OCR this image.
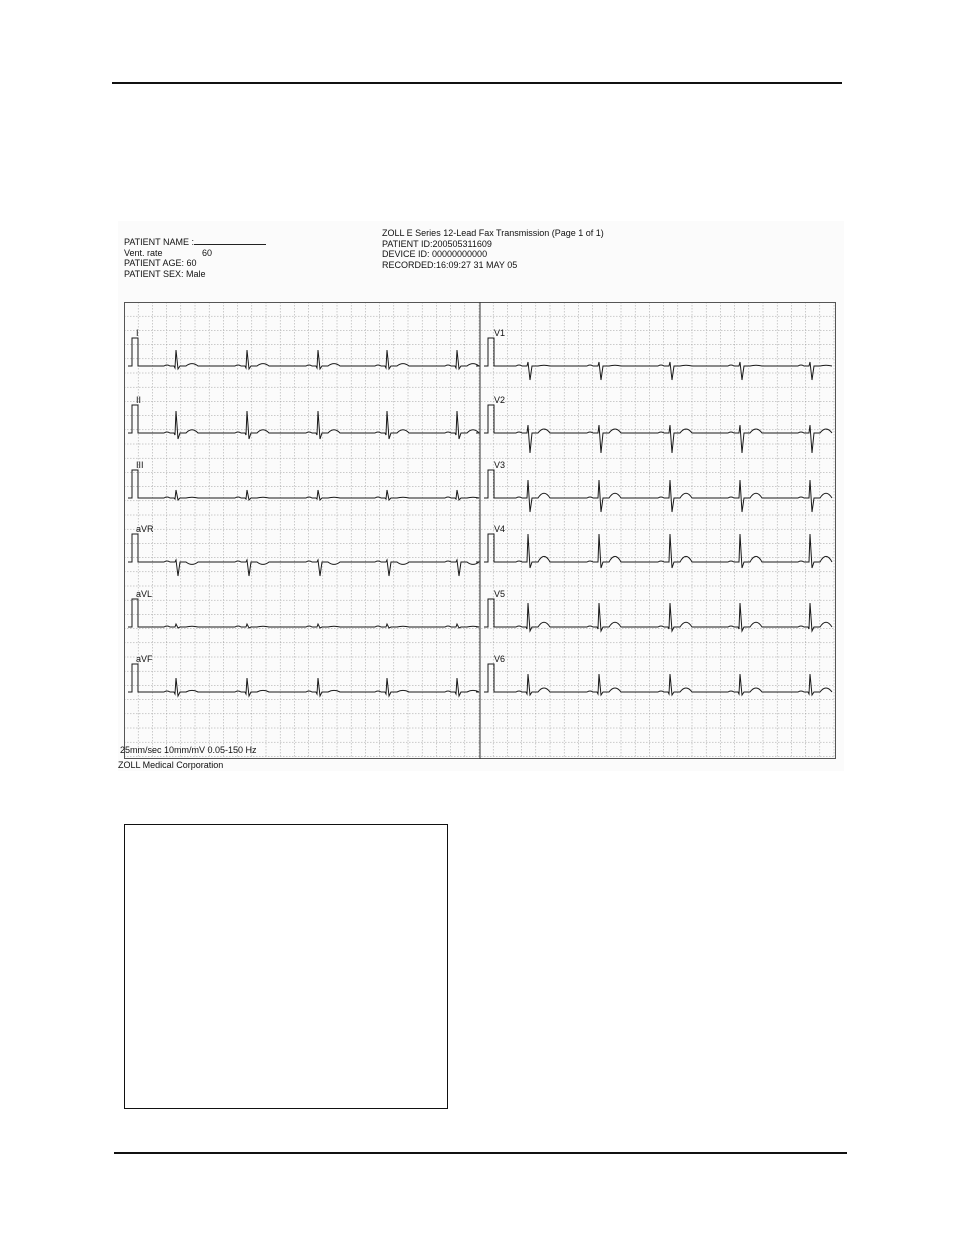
PATIENT NAME :
Vent. rate	60
PATIENT AGE: 60
PATIENT SEX: Male
ZOLL E Series 12-Lead Fax Transmission (Page 1 of 1)
PATIENT ID:200505311609
DEVICE ID: 00000000000
RECORDED:16:09:27 31 MAY 05
I
II
III
aVR
aVL
aVF
V1
V2
V3
V4
V5
V6
25mm/sec 10mm/mV 0.05-150 Hz
ZOLL Medical Corporation
